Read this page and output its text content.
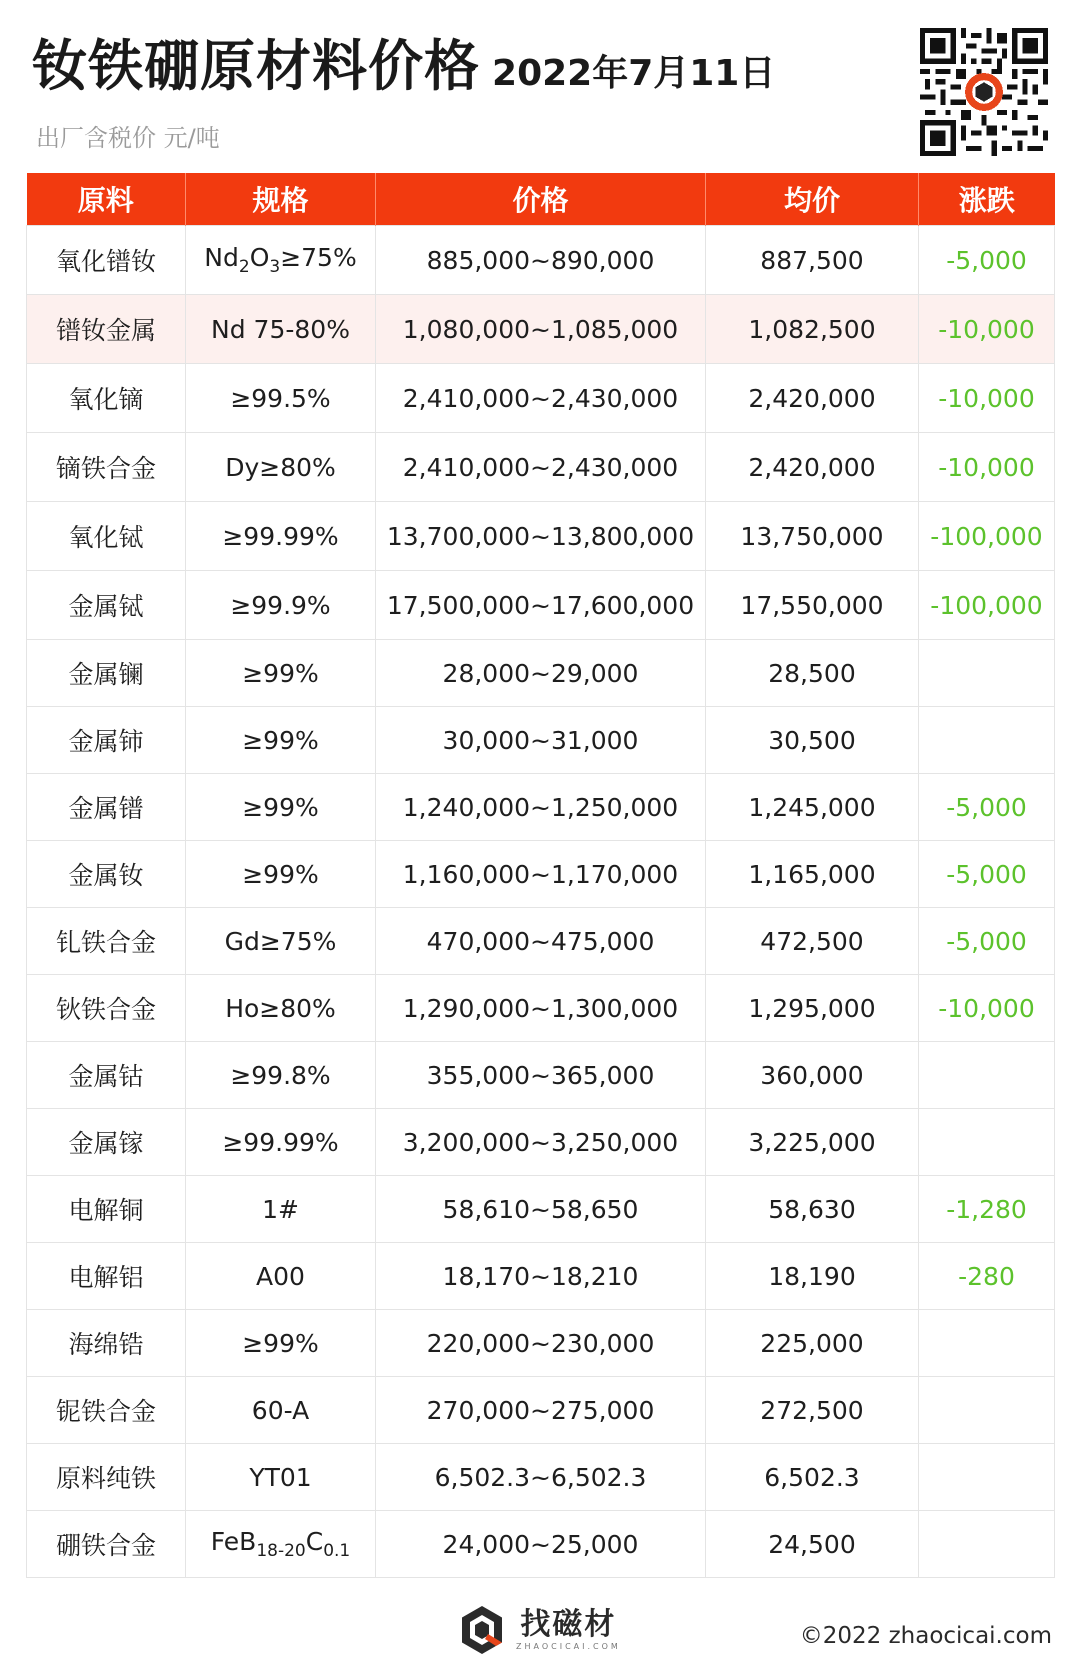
钕铁硼原材料价格 2022年7月11日
出厂含税价 元/吨
原料	规格	价格	均价	涨跌
氧化镨钕	$Nd_2O_3\ge 75\%$	885,000~890,000	887,500	-5,000
镨钕金属	Nd 75-80%	1,080,000~1,085,000	1,082,500	-10,000
氧化镝	≥99.5%	2,410,000~2,430,000	2,420,000	-10,000
镝铁合金	Dy≥80%	2,410,000~2,430,000	2,420,000	-10,000
氧化铽	≥99.99%	13,700,000~13,800,000	13,750,000	-100,000
金属铽	≥99.9%	17,500,000~17,600,000	17,550,000	-100,000
金属镧	≥99%	28,000~29,000	28,500	
金属铈	≥99%	30,000~31,000	30,500	
金属镨	≥99%	1,240,000~1,250,000	1,245,000	-5,000
金属钕	≥99%	1,160,000~1,170,000	1,165,000	-5,000
钆铁合金	Gd≥75%	470,000~475,000	472,500	-5,000
钬铁合金	Ho≥80%	1,290,000~1,300,000	1,295,000	-10,000
金属钴	≥99.8%	355,000~365,000	360,000	
金属镓	≥99.99%	3,200,000~3,250,000	3,225,000	
电解铜	1#	58,610~58,650	58,630	-1,280
电解铝	A00	18,170~18,210	18,190	-280
海绵锆	≥99%	220,000~230,000	225,000	
铌铁合金	60-A	270,000~275,000	272,500	
原料纯铁	YT01	6,502.3~6,502.3	6,502.3	
硼铁合金	$FeB_{18-20}C_{0.1}$	24,000~25,000	24,500	
找磁材
ZHAOCICAI.COM	©2022 zhaocicai.com
